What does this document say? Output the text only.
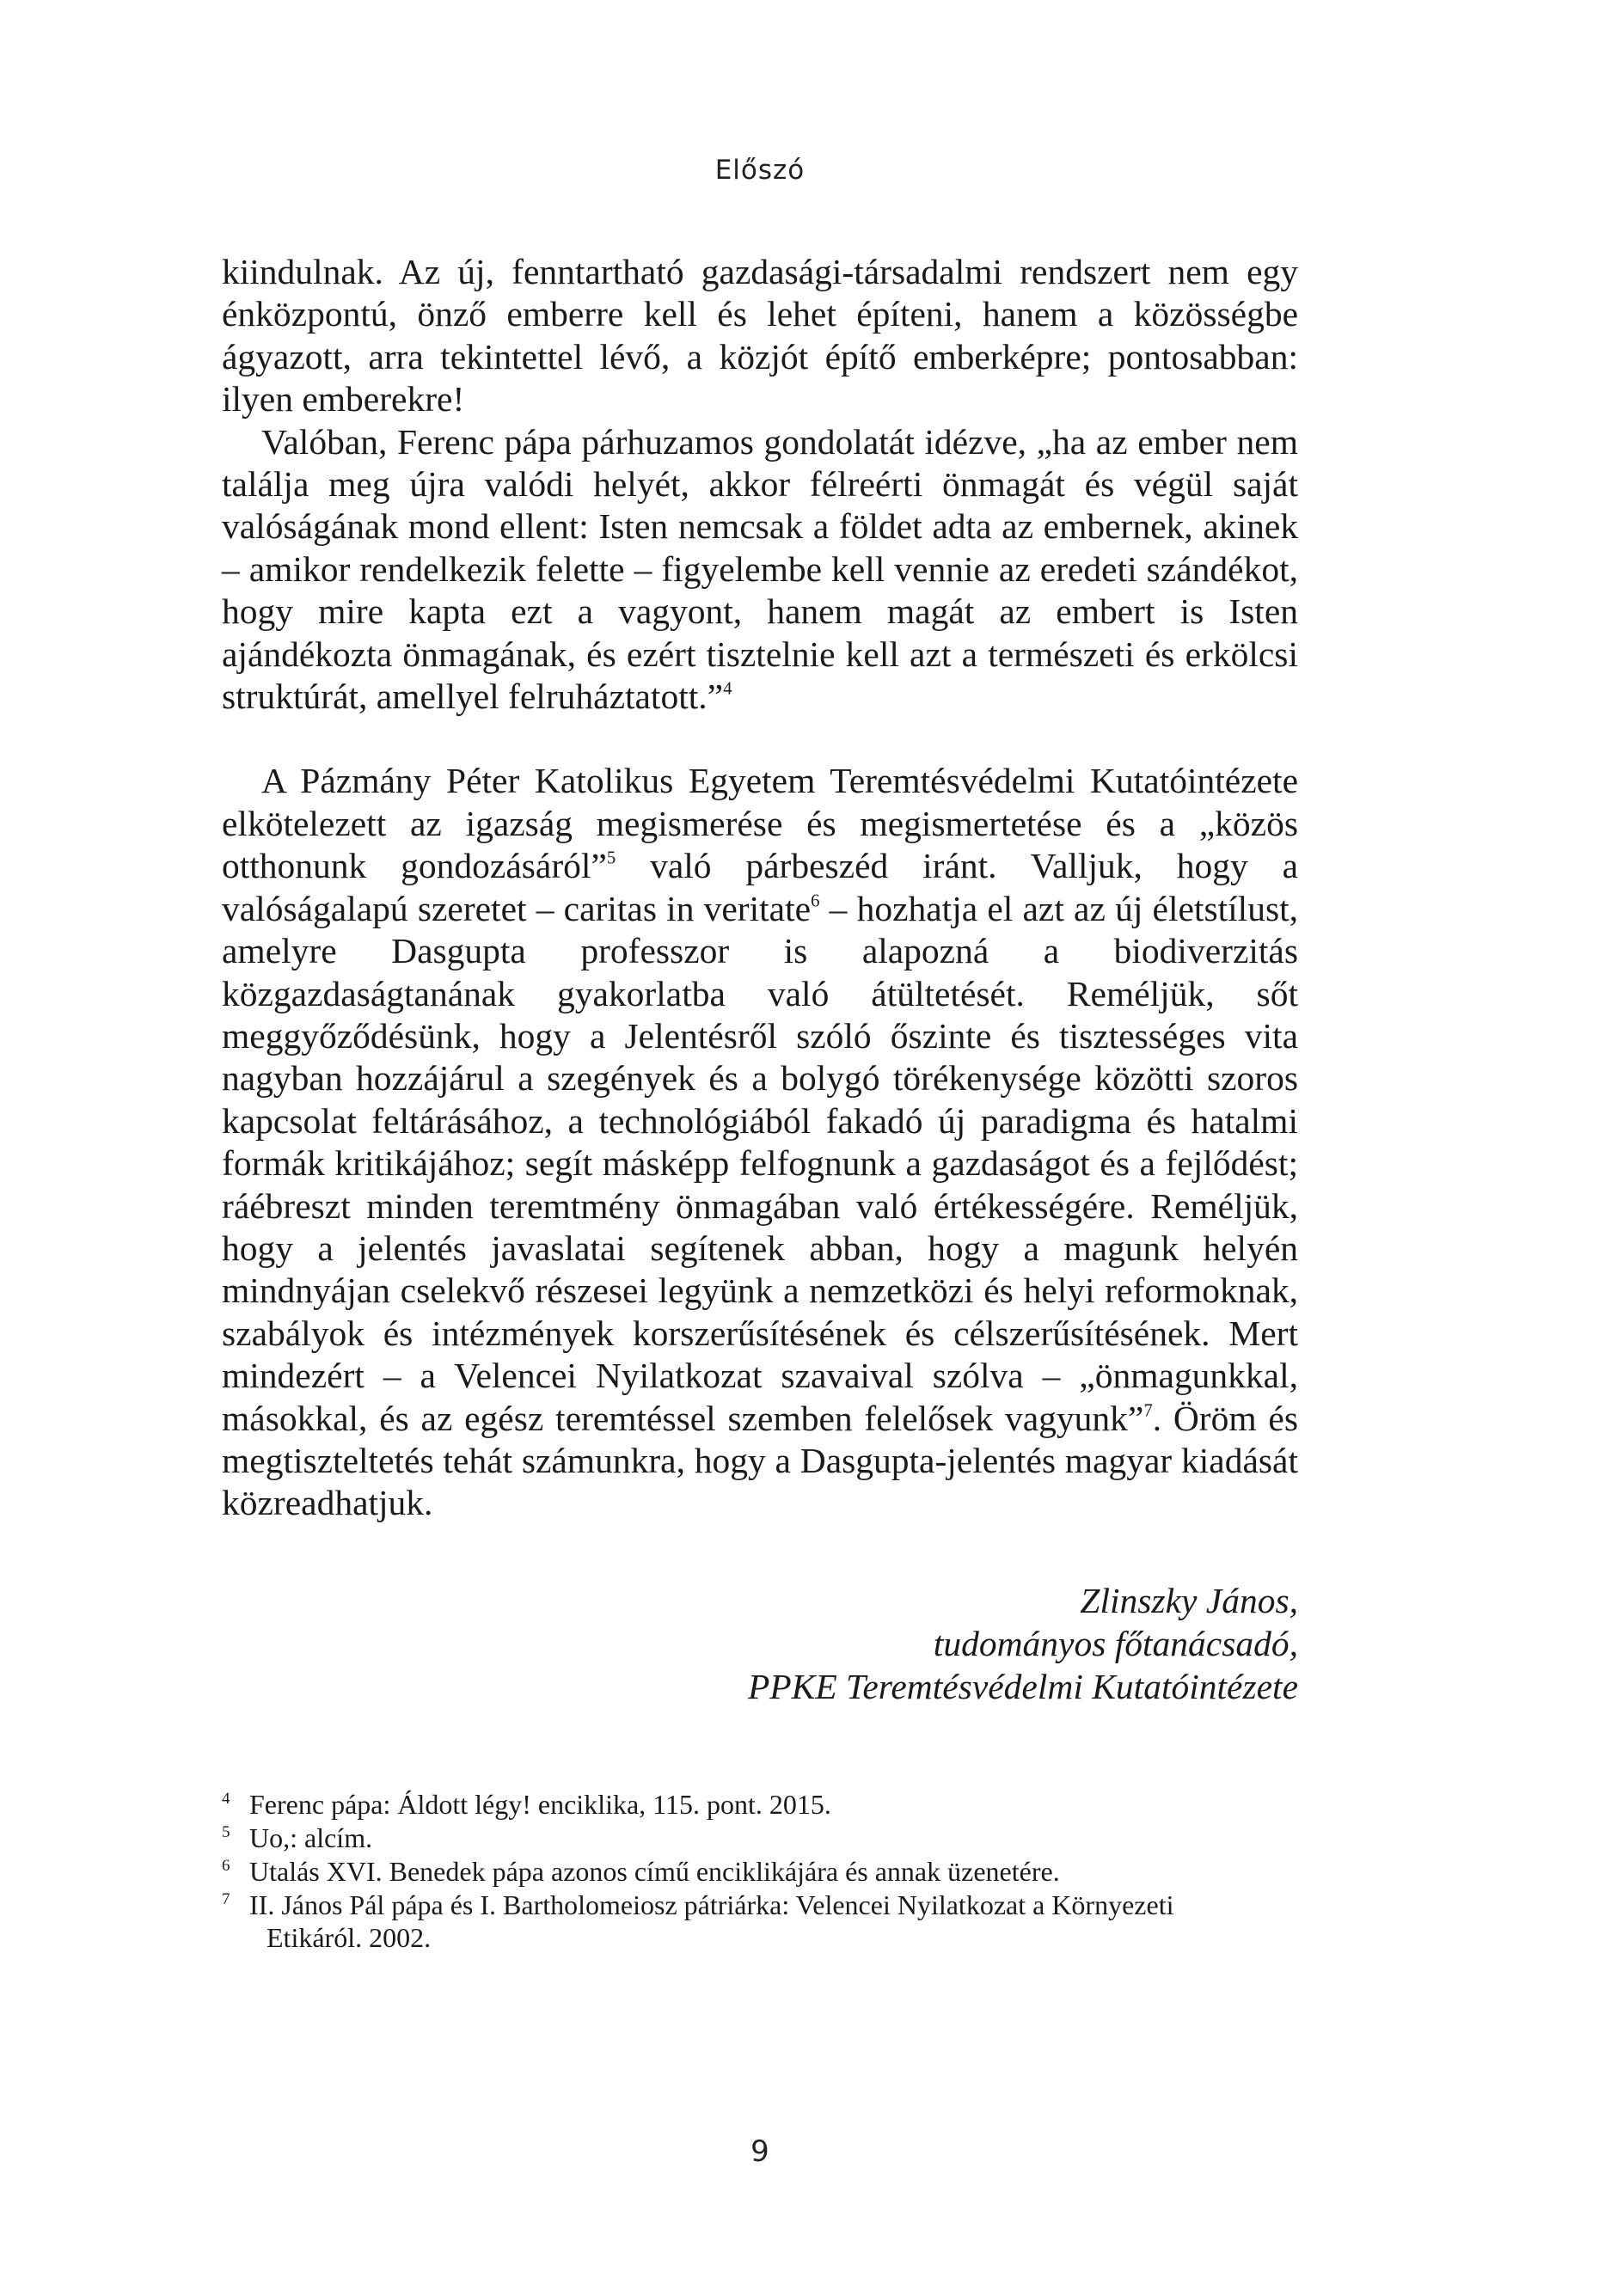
Előszó

kiindulnak. Az új, fenntartható gazdasági-társadalmi rendszert nem egy énközpontú, önző emberre kell és lehet építeni, hanem a közösségbe ágyazott, arra tekintettel lévő, a közjót építő emberképre; pontosabban: ilyen emberekre!

Valóban, Ferenc pápa párhuzamos gondolatát idézve, „ha az ember nem találja meg újra valódi helyét, akkor félreérti önmagát és végül saját valóságának mond ellent: Isten nemcsak a földet adta az embernek, akinek – amikor rendelkezik felette – figyelembe kell vennie az eredeti szándékot, hogy mire kapta ezt a vagyont, hanem magát az embert is Isten ajándékozta önmagának, és ezért tisztelnie kell azt a természeti és erkölcsi struktúrát, amellyel felruháztatott.”$^4$

A Pázmány Péter Katolikus Egyetem Teremtésvédelmi Kutatóintézete elkötelezett az igazság megismerése és megismertetése és a „közös otthonunk gondozásáról”$^5$ való párbeszéd iránt. Valljuk, hogy a valóságalapú szeretet – caritas in veritate$^6$ – hozhatja el azt az új életstílust, amelyre Dasgupta professzor is alapozná a biodiverzitás közgazdaságtanának gyakorlatba való átültetését. Reméljük, sőt meggyőződésünk, hogy a Jelentésről szóló őszinte és tisztességes vita nagyban hozzájárul a szegények és a bolygó törékenysége közötti szoros kapcsolat feltárásához, a technológiából fakadó új paradigma és hatalmi formák kritikájához; segít másképp felfognunk a gazdaságot és a fejlődést; ráébreszt minden teremtmény önmagában való értékességére. Reméljük, hogy a jelentés javaslatai segítenek abban, hogy a magunk helyén mindnyájan cselekvő részesei legyünk a nemzetközi és helyi reformoknak, szabályok és intézmények korszerűsítésének és célszerűsítésének. Mert mindezért – a Velencei Nyilatkozat szavaival szólva – „önmagunkkal, másokkal, és az egész teremtéssel szemben felelősek vagyunk”$^7$. Öröm és megtiszteltetés tehát számunkra, hogy a Dasgupta-jelentés magyar kiadását közreadhatjuk.

Zlinszky János,
tudományos főtanácsadó,
PPKE Teremtésvédelmi Kutatóintézete
4 Ferenc pápa: Áldott légy! enciklika, 115. pont. 2015.
5 Uo,: alcím.
6 Utalás XVI. Benedek pápa azonos című enciklikájára és annak üzenetére.
7 II. János Pál pápa és I. Bartholomeiosz pátriárka: Velencei Nyilatkozat a Környezeti
Etikáról. 2002.
9
